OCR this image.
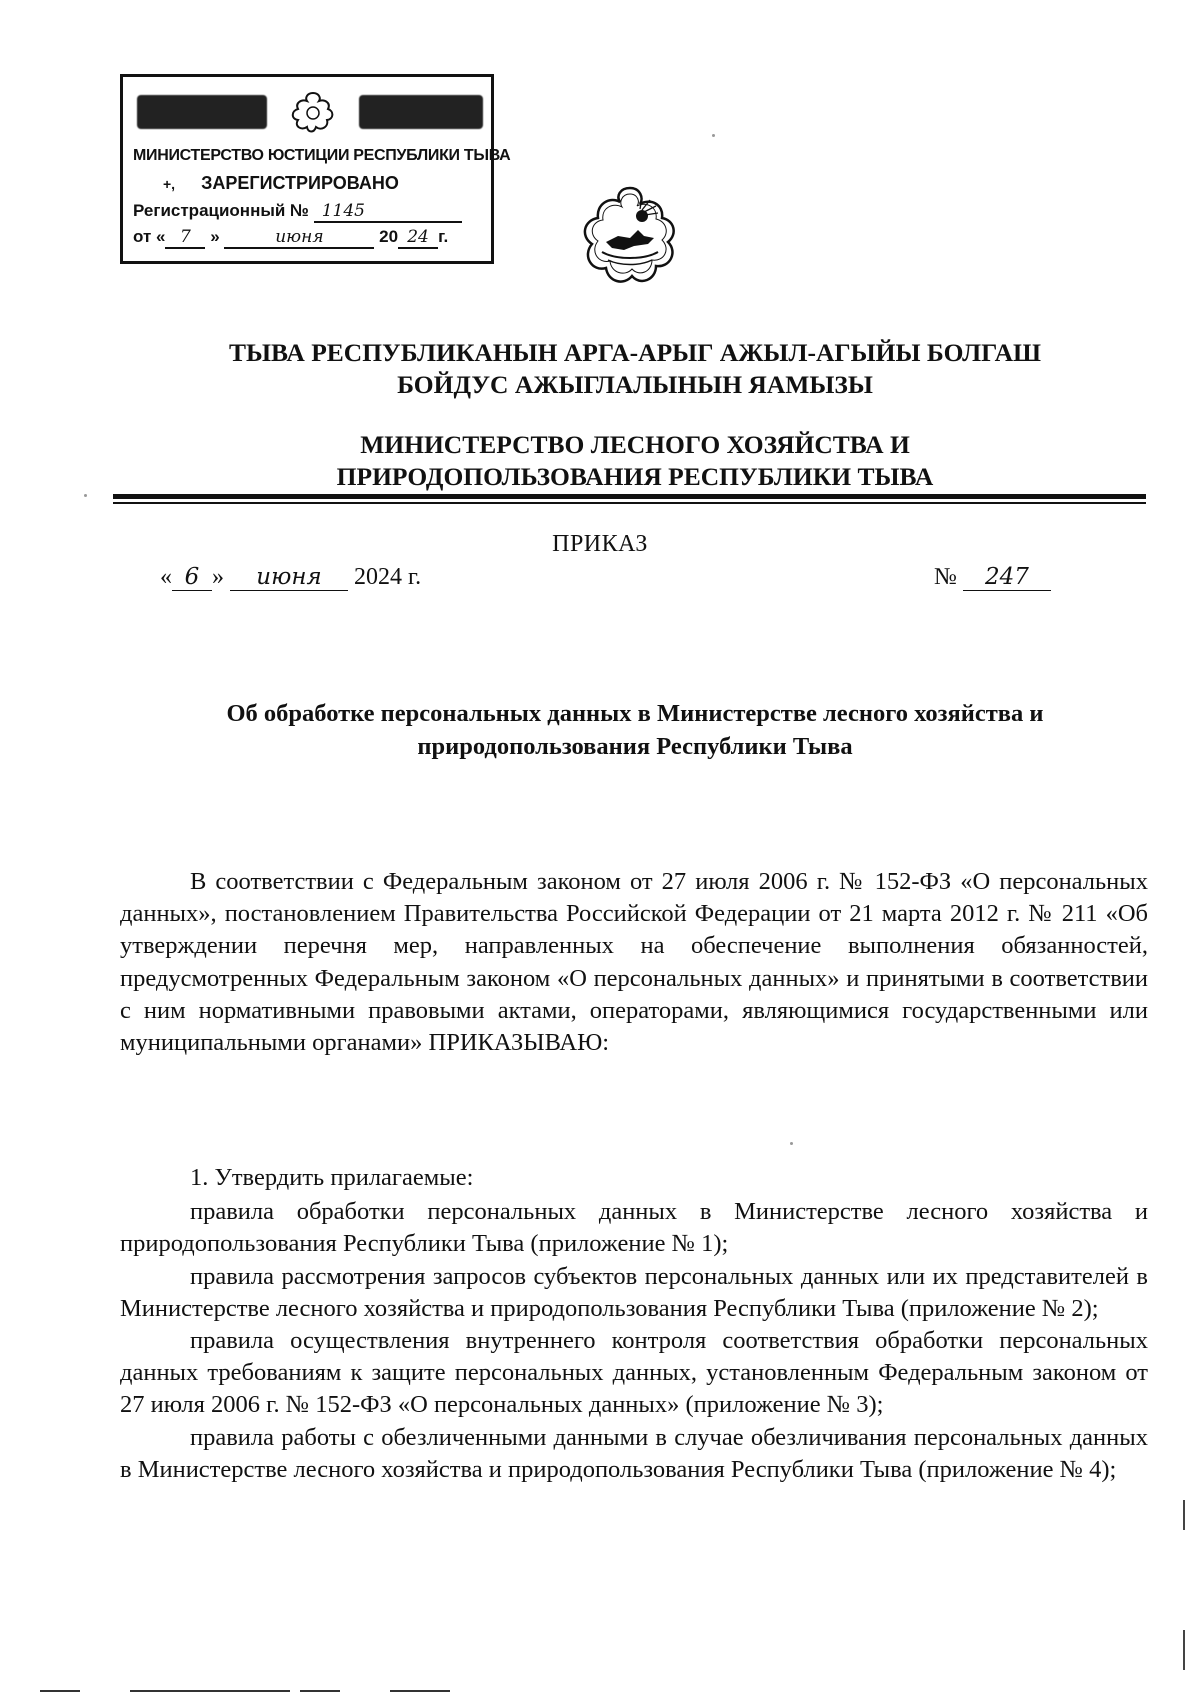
МИНИСТЕРСТВО ЮСТИЦИИ РЕСПУБЛИКИ ТЫВА
+, ЗАРЕГИСТРИРОВАНО
Регистрационный № 1145
от « 7 »	июня	20 24 г.
ТЫВА РЕСПУБЛИКАНЫН АРГА-АРЫГ АЖЫЛ-АГЫЙЫ БОЛГАШ
БОЙДУС АЖЫГЛАЛЫНЫН ЯАМЫЗЫ
МИНИСТЕРСТВО ЛЕСНОГО ХОЗЯЙСТВА И
ПРИРОДОПОЛЬЗОВАНИЯ РЕСПУБЛИКИ ТЫВА
ПРИКАЗ
« 6 » июня 2024 г.	№ 247
Об обработке персональных данных в Министерстве лесного хозяйства и
природопользования Республики Тыва

В соответствии с Федеральным законом от 27 июля 2006 г. № 152-ФЗ «О персональных данных», постановлением Правительства Российской Федерации от 21 марта 2012 г. № 211 «Об утверждении перечня мер, направленных на обеспечение выполнения обязанностей, предусмотренных Федеральным законом «О персональных данных» и принятыми в соответствии с ним нормативными правовыми актами, операторами, являющимися государственными или муниципальными органами» ПРИКАЗЫВАЮ:

1. Утвердить прилагаемые:

правила обработки персональных данных в Министерстве лесного хозяйства и природопользования Республики Тыва (приложение № 1);

правила рассмотрения запросов субъектов персональных данных или их представителей в Министерстве лесного хозяйства и природопользования Республики Тыва (приложение № 2);

правила осуществления внутреннего контроля соответствия обработки персональных данных требованиям к защите персональных данных, установленным Федеральным законом от 27 июля 2006 г. № 152-ФЗ «О персональных данных» (приложение № 3);

правила работы с обезличенными данными в случае обезличивания персональных данных в Министерстве лесного хозяйства и природопользования Республики Тыва (приложение № 4);
